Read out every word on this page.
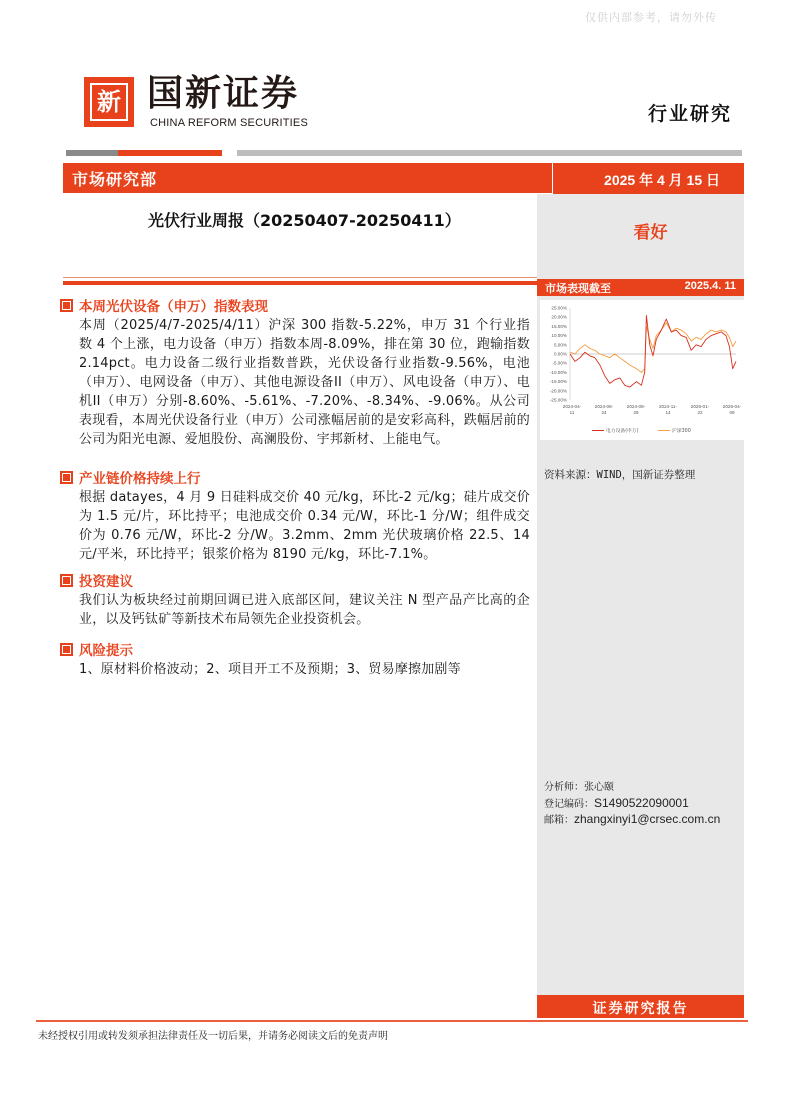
仅供内部参考，请勿外传
新 国新证券
CHINA REFORM SECURITIES	行业研究
市场研究部	2025 年 4 月 15 日
光伏行业周报（20250407-20250411）
看好
市场表现截至	2025.4. 11
25.00%
20.00%
15.00%
10.00%
5.00%
0.00%
-5.00%
-10.00%
-15.00%
-20.00%
-25.00%
2024-04-
11
2024-06-
24
2024-08-
29
2024-11-
14
2025-01-
22
2025-04-
09
电力设备(申万)	沪深300
资料来源：WIND，国新证券整理
分析师：张心颐
登记编码：S1490522090001
邮箱：zhangxinyi1@crsec.com.cn
本周光伏设备（申万）指数表现
本周（2025/4/7-2025/4/11）沪深 300 指数-5.22%，申万 31 个行业指数 4 个上涨，电力设备（申万）指数本周-8.09%，排在第 30 位，跑输指数 2.14pct。电力设备二级行业指数普跌，光伏设备行业指数-9.56%，电池（申万）、电网设备（申万）、其他电源设备II（申万）、风电设备（申万）、电机II（申万）分别-8.60%、-5.61%、-7.20%、-8.34%、-9.06%。从公司表现看，本周光伏设备行业（申万）公司涨幅居前的是安彩高科，跌幅居前的公司为阳光电源、爱旭股份、高澜股份、宇邦新材、上能电气。
产业链价格持续上行
根据 datayes，4 月 9 日硅料成交价 40 元/kg，环比-2 元/kg；硅片成交价为 1.5 元/片，环比持平；电池成交价 0.34 元/W，环比-1 分/W；组件成交价为 0.76 元/W，环比-2 分/W。3.2mm、2mm 光伏玻璃价格 22.5、14 元/平米，环比持平；银浆价格为 8190 元/kg，环比-7.1%。
投资建议
我们认为板块经过前期回调已进入底部区间，建议关注 N 型产品产比高的企业，以及钙钛矿等新技术布局领先企业投资机会。
风险提示
1、原材料价格波动；2、项目开工不及预期；3、贸易摩擦加剧等
证券研究报告
未经授权引用或转发须承担法律责任及一切后果，并请务必阅读文后的免责声明
